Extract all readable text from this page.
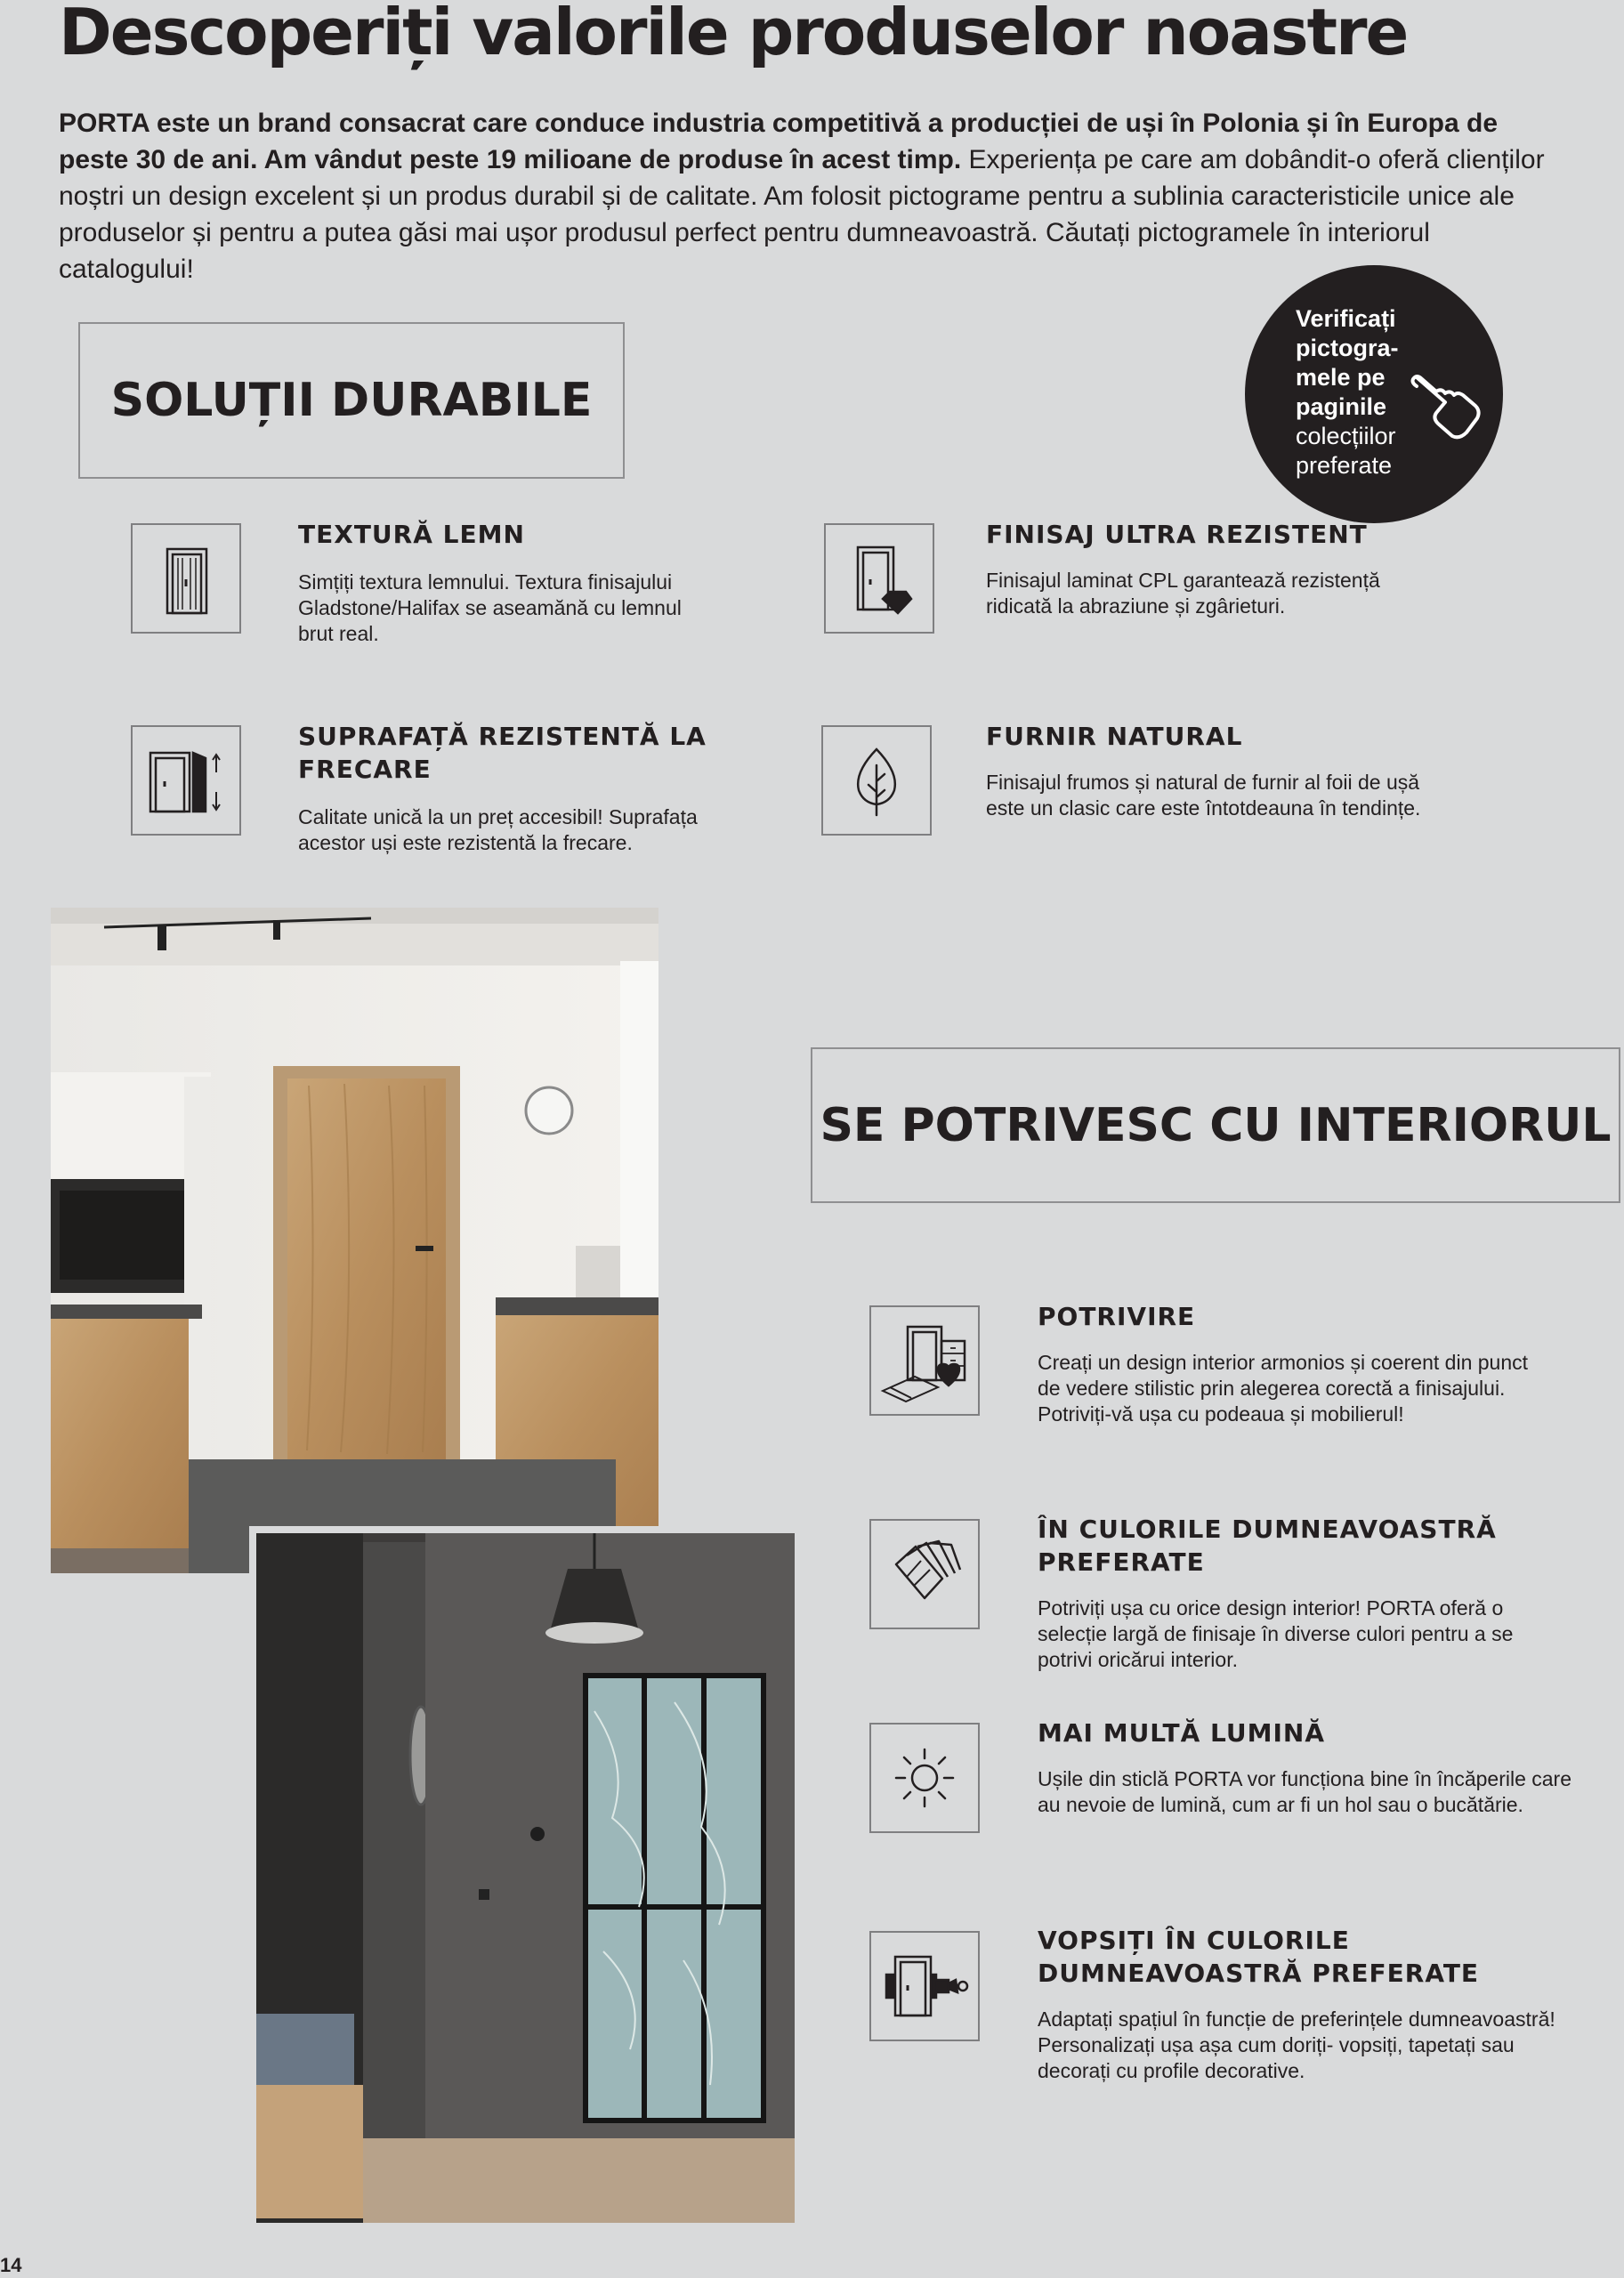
Descoperiți valorile produselor noastre

PORTA este un brand consacrat care conduce industria competitivă a producției de uși în Polonia și în Europa de peste 30 de ani. Am vândut peste 19 milioane de produse în acest timp. Experiența pe care am dobândit-o oferă clienților noștri un design excelent și un produs durabil și de calitate. Am folosit pictograme pentru a sublinia caracteristicile unice ale produselor și pentru a putea găsi mai ușor produsul perfect pentru dumneavoastră. Căutați pictogramele în interiorul catalogului!

SOLUȚII DURABILE
Verificați
pictogra-
mele pe
paginile
colecțiilor
preferate

TEXTURĂ LEMN

Simțiți textura lemnului. Textura finisajului Gladstone/Halifax se aseamănă cu lemnul brut real.

FINISAJ ULTRA REZISTENT

Finisajul laminat CPL garantează rezistență ridicată la abraziune și zgârieturi.

SUPRAFAȚĂ REZISTENTĂ LA FRECARE

Calitate unică la un preț accesibil! Suprafața acestor uși este rezistentă la frecare.

FURNIR NATURAL

Finisajul frumos și natural de furnir al foii de ușă este un clasic care este întotdeauna în tendințe.

SE POTRIVESC CU INTERIORUL

POTRIVIRE

Creați un design interior armonios și coerent din punct de vedere stilistic prin alegerea corectă a finisajului. Potriviți-vă ușa cu podeaua și mobilierul!

ÎN CULORILE DUMNEAVOASTRĂ PREFERATE

Potriviți ușa cu orice design interior! PORTA oferă o selecție largă de finisaje în diverse culori pentru a se potrivi oricărui interior.

MAI MULTĂ LUMINĂ

Ușile din sticlă PORTA vor funcționa bine în încăperile care au nevoie de lumină, cum ar fi un hol sau o bucătărie.

VOPSIȚI ÎN CULORILE DUMNEAVOASTRĂ PREFERATE

Adaptați spațiul în funcție de preferințele dumneavoastră! Personalizați ușa așa cum doriți- vopsiți, tapetați sau decorați cu profile decorative.

14
